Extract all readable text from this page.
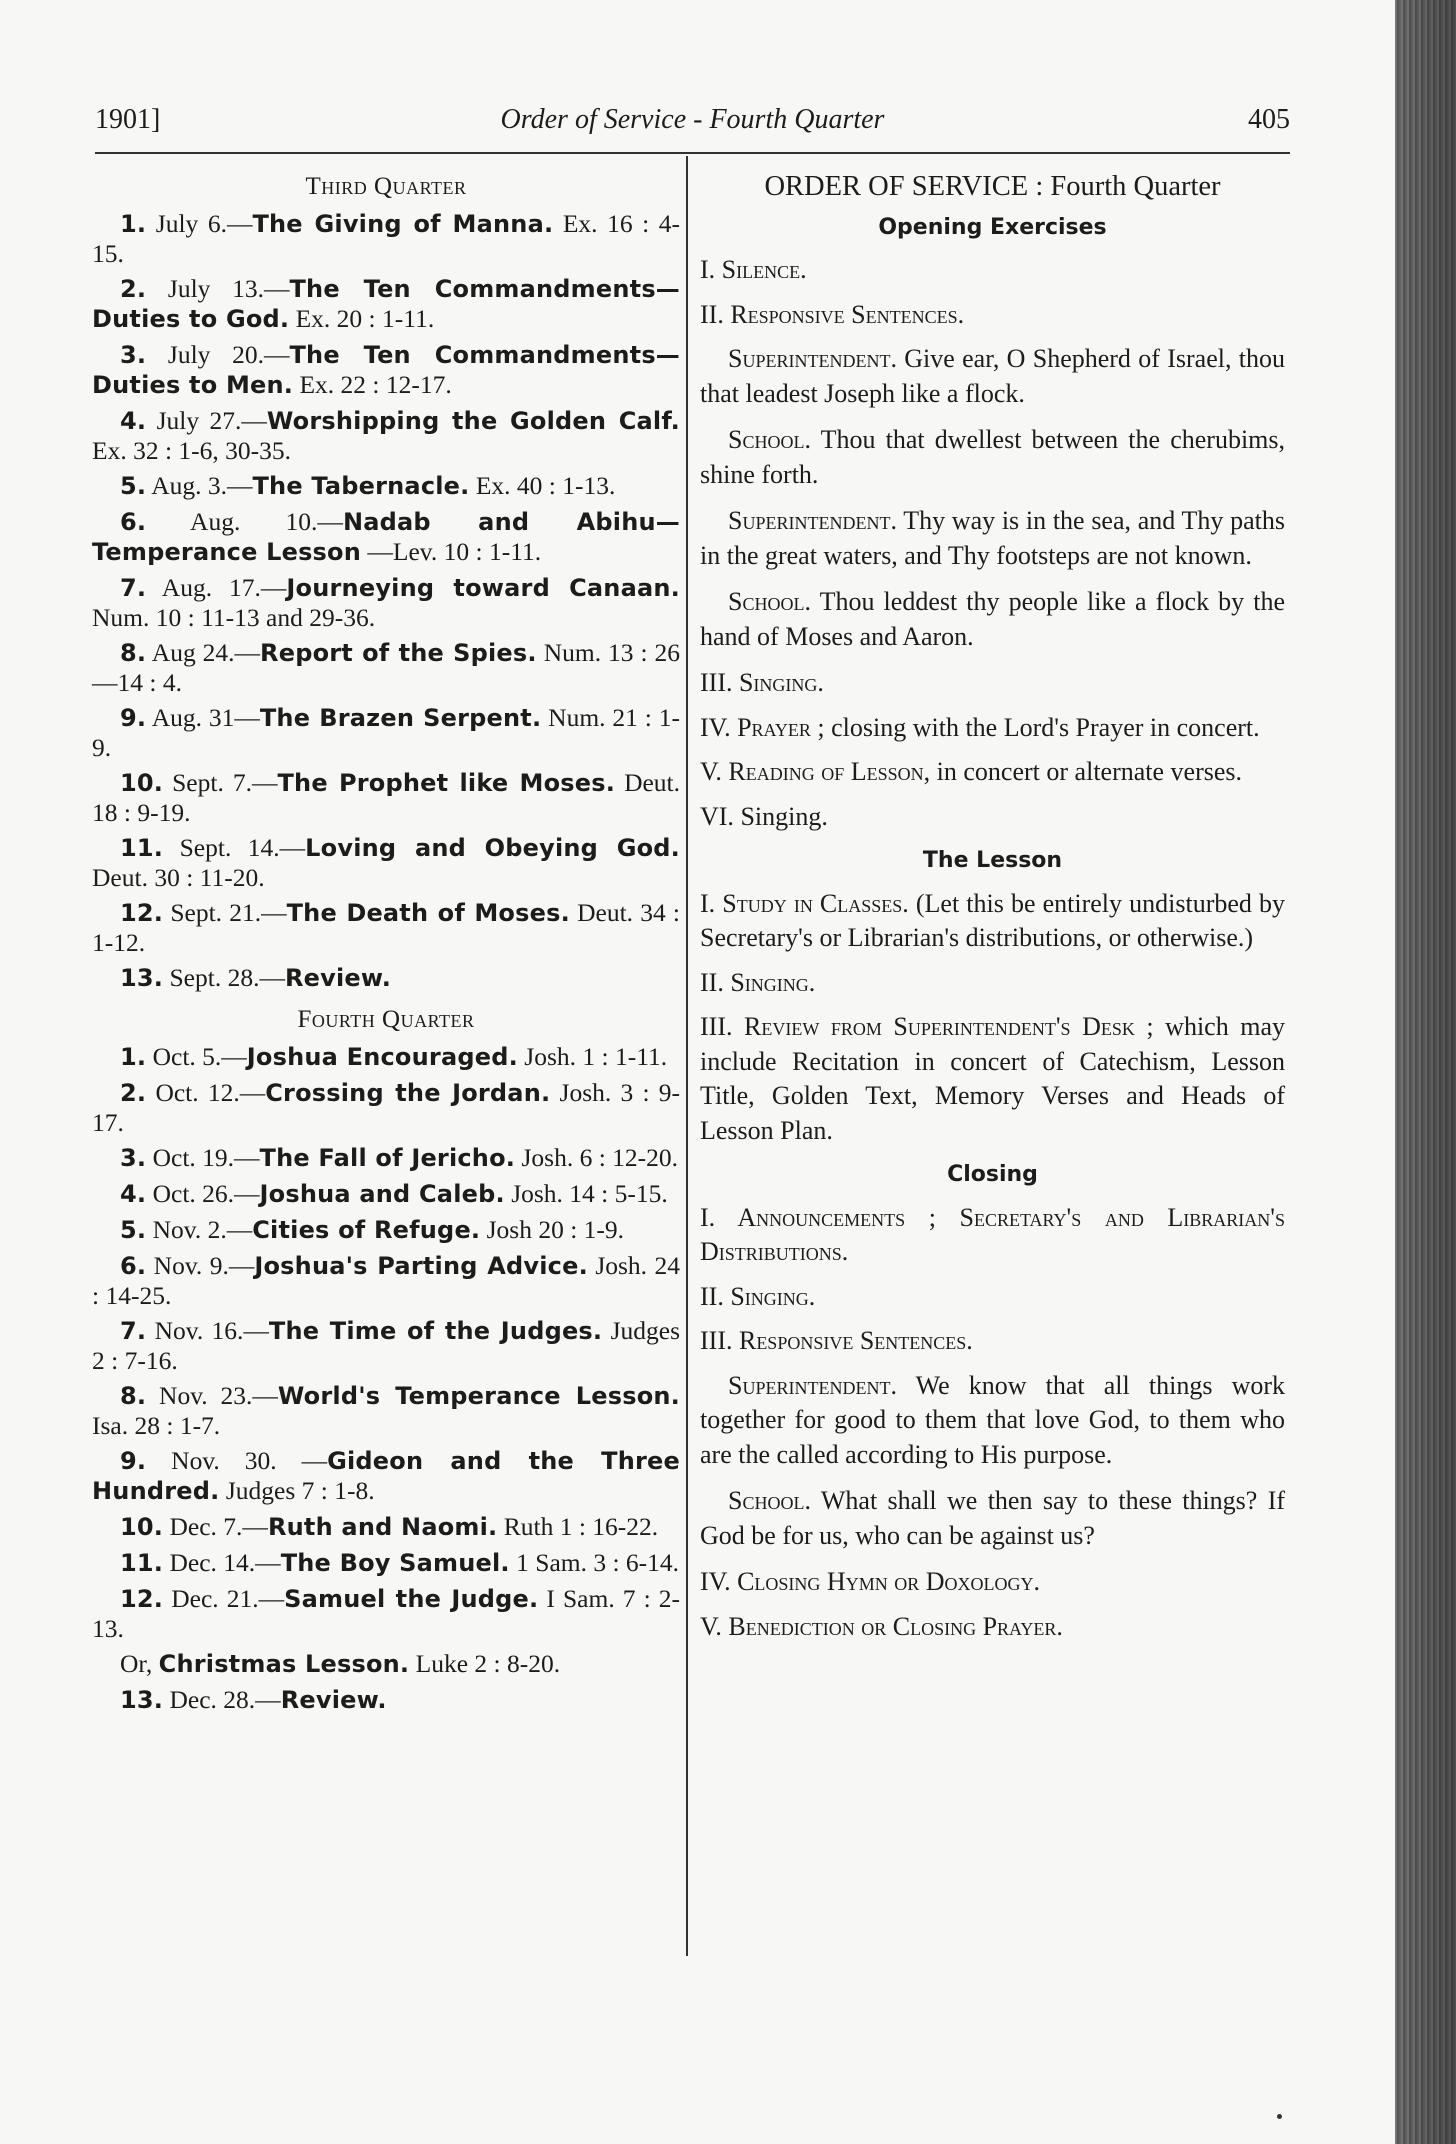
1901]	Order of Service - Fourth Quarter	405
Third Quarter

1. July 6.—The Giving of Manna. Ex. 16 : 4-15.

2. July 13.—The Ten Commandments—Duties to God. Ex. 20 : 1-11.

3. July 20.—The Ten Commandments—Duties to Men. Ex. 22 : 12-17.

4. July 27.—Worshipping the Golden Calf. Ex. 32 : 1-6, 30-35.

5. Aug. 3.—The Tabernacle. Ex. 40 : 1-13.

6. Aug. 10.—Nadab and Abihu—Temperance Lesson —Lev. 10 : 1-11.

7. Aug. 17.—Journeying toward Canaan. Num. 10 : 11-13 and 29-36.

8. Aug 24.—Report of the Spies. Num. 13 : 26—14 : 4.

9. Aug. 31—The Brazen Serpent. Num. 21 : 1-9.

10. Sept. 7.—The Prophet like Moses. Deut. 18 : 9-19.

11. Sept. 14.—Loving and Obeying God. Deut. 30 : 11-20.

12. Sept. 21.—The Death of Moses. Deut. 34 : 1-12.

13. Sept. 28.—Review.

Fourth Quarter

1. Oct. 5.—Joshua Encouraged. Josh. 1 : 1-11.

2. Oct. 12.—Crossing the Jordan. Josh. 3 : 9-17.

3. Oct. 19.—The Fall of Jericho. Josh. 6 : 12-20.

4. Oct. 26.—Joshua and Caleb. Josh. 14 : 5-15.

5. Nov. 2.—Cities of Refuge. Josh 20 : 1-9.

6. Nov. 9.—Joshua's Parting Advice. Josh. 24 : 14-25.

7. Nov. 16.—The Time of the Judges. Judges 2 : 7-16.

8. Nov. 23.—World's Temperance Lesson. Isa. 28 : 1-7.

9. Nov. 30. —Gideon and the Three Hundred. Judges 7 : 1-8.

10. Dec. 7.—Ruth and Naomi. Ruth 1 : 16-22.

11. Dec. 14.—The Boy Samuel. 1 Sam. 3 : 6-14.

12. Dec. 21.—Samuel the Judge. I Sam. 7 : 2-13.

Or, Christmas Lesson. Luke 2 : 8-20.

13. Dec. 28.—Review.

ORDER OF SERVICE : Fourth Quarter
Opening Exercises

I. Silence.

II. Responsive Sentences.

Superintendent. Give ear, O Shepherd of Israel, thou that leadest Joseph like a flock.

School. Thou that dwellest between the cherubims, shine forth.

Superintendent. Thy way is in the sea, and Thy paths in the great waters, and Thy footsteps are not known.

School. Thou leddest thy people like a flock by the hand of Moses and Aaron.

III. Singing.

IV. Prayer ; closing with the Lord's Prayer in concert.

V. Reading of Lesson, in concert or alternate verses.

VI. Singing.

The Lesson

I. Study in Classes. (Let this be entirely undisturbed by Secretary's or Librarian's distributions, or otherwise.)

II. Singing.

III. Review from Superintendent's Desk ; which may include Recitation in concert of Catechism, Lesson Title, Golden Text, Memory Verses and Heads of Lesson Plan.

Closing

I. Announcements ; Secretary's and Librarian's Distributions.

II. Singing.

III. Responsive Sentences.

Superintendent. We know that all things work together for good to them that love God, to them who are the called according to His purpose.

School. What shall we then say to these things? If God be for us, who can be against us?

IV. Closing Hymn or Doxology.

V. Benediction or Closing Prayer.
